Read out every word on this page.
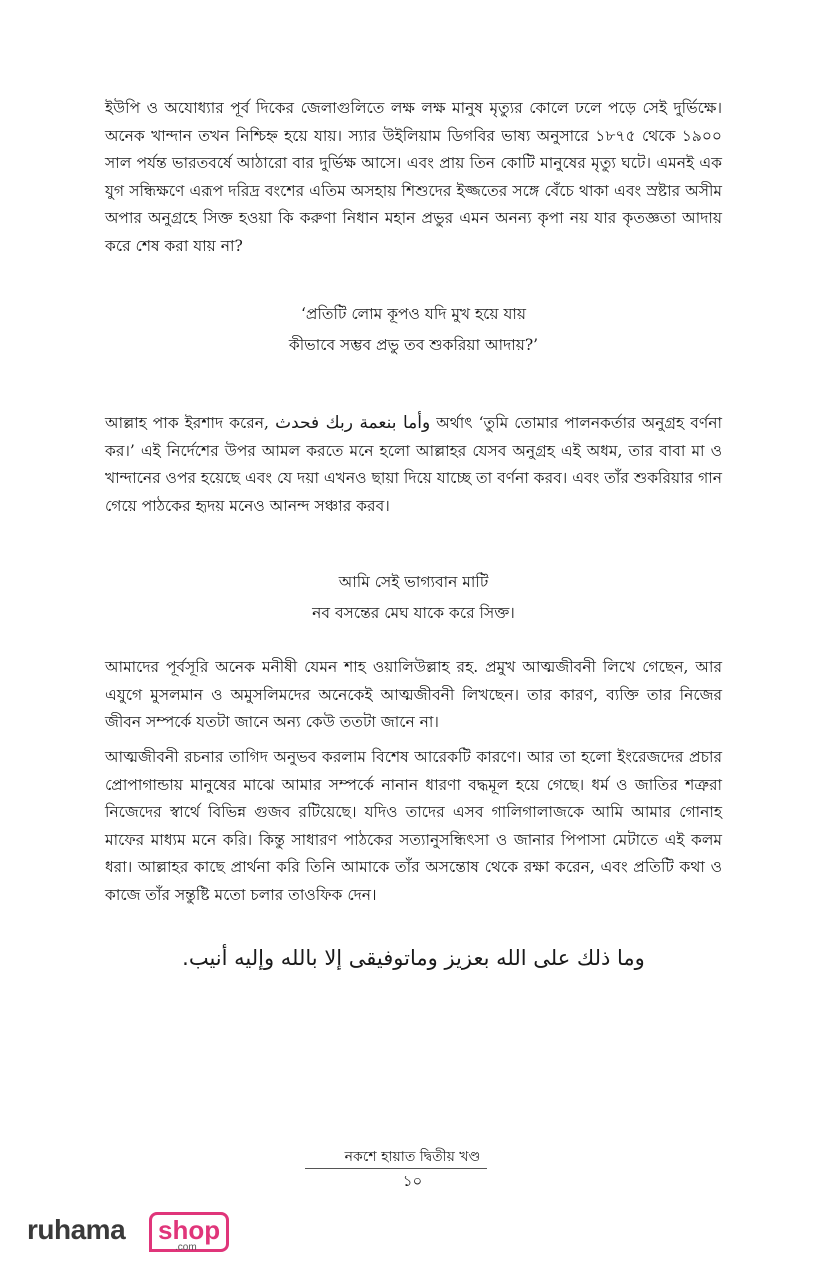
ইউপি ও অযোধ্যার পূর্ব দিকের জেলাগুলিতে লক্ষ লক্ষ মানুষ মৃত্যুর কোলে ঢলে পড়ে সেই দুর্ভিক্ষে। অনেক খান্দান তখন নিশ্চিহ্ন হয়ে যায়। স্যার উইলিয়াম ডিগবির ভাষ্য অনুসারে ১৮৭৫ থেকে ১৯০০ সাল পর্যন্ত ভারতবর্ষে আঠারো বার দুর্ভিক্ষ আসে। এবং প্রায় তিন কোটি মানুষের মৃত্যু ঘটে। এমনই এক যুগ সন্ধিক্ষণে এরূপ দরিদ্র বংশের এতিম অসহায় শিশুদের ইজ্জতের সঙ্গে বেঁচে থাকা এবং স্রষ্টার অসীম অপার অনুগ্রহে সিক্ত হওয়া কি করুণা নিধান মহান প্রভুর এমন অনন্য কৃপা নয় যার কৃতজ্ঞতা আদায় করে শেষ করা যায় না?

‘প্রতিটি লোম কূপও যদি মুখ হয়ে যায়

কীভাবে সম্ভব প্রভু তব শুকরিয়া আদায়?’

আল্লাহ পাক ইরশাদ করেন, وأما بنعمة ربك فحدث অর্থাৎ ‘তুমি তোমার পালনকর্তার অনুগ্রহ বর্ণনা কর।’ এই নির্দেশের উপর আমল করতে মনে হলো আল্লাহর যেসব অনুগ্রহ এই অধম, তার বাবা মা ও খান্দানের ওপর হয়েছে এবং যে দয়া এখনও ছায়া দিয়ে যাচ্ছে তা বর্ণনা করব। এবং তাঁর শুকরিয়ার গান গেয়ে পাঠকের হৃদয় মনেও আনন্দ সঞ্চার করব।

আমি সেই ভাগ্যবান মাটি

নব বসন্তের মেঘ যাকে করে সিক্ত।

আমাদের পূর্বসূরি অনেক মনীষী যেমন শাহ ওয়ালিউল্লাহ রহ. প্রমুখ আত্মজীবনী লিখে গেছেন, আর এযুগে মুসলমান ও অমুসলিমদের অনেকেই আত্মজীবনী লিখছেন। তার কারণ, ব্যক্তি তার নিজের জীবন সম্পর্কে যতটা জানে অন্য কেউ ততটা জানে না।

আত্মজীবনী রচনার তাগিদ অনুভব করলাম বিশেষ আরেকটি কারণে। আর তা হলো ইংরেজদের প্রচার প্রোপাগান্ডায় মানুষের মাঝে আমার সম্পর্কে নানান ধারণা বদ্ধমূল হয়ে গেছে। ধর্ম ও জাতির শত্রুরা নিজেদের স্বার্থে বিভিন্ন গুজব রটিয়েছে। যদিও তাদের এসব গালিগালাজকে আমি আমার গোনাহ মাফের মাধ্যম মনে করি। কিন্তু সাধারণ পাঠকের সত্যানুসন্ধিৎসা ও জানার পিপাসা মেটাতে এই কলম ধরা। আল্লাহর কাছে প্রার্থনা করি তিনি আমাকে তাঁর অসন্তোষ থেকে রক্ষা করেন, এবং প্রতিটি কথা ও কাজে তাঁর সন্তুষ্টি মতো চলার তাওফিক দেন।

وما ذلك على الله بعزيز وماتوفيقى إلا بالله وإليه أنيب.

নকশে হায়াত দ্বিতীয় খণ্ড
১০
ruhama	shop
.com
